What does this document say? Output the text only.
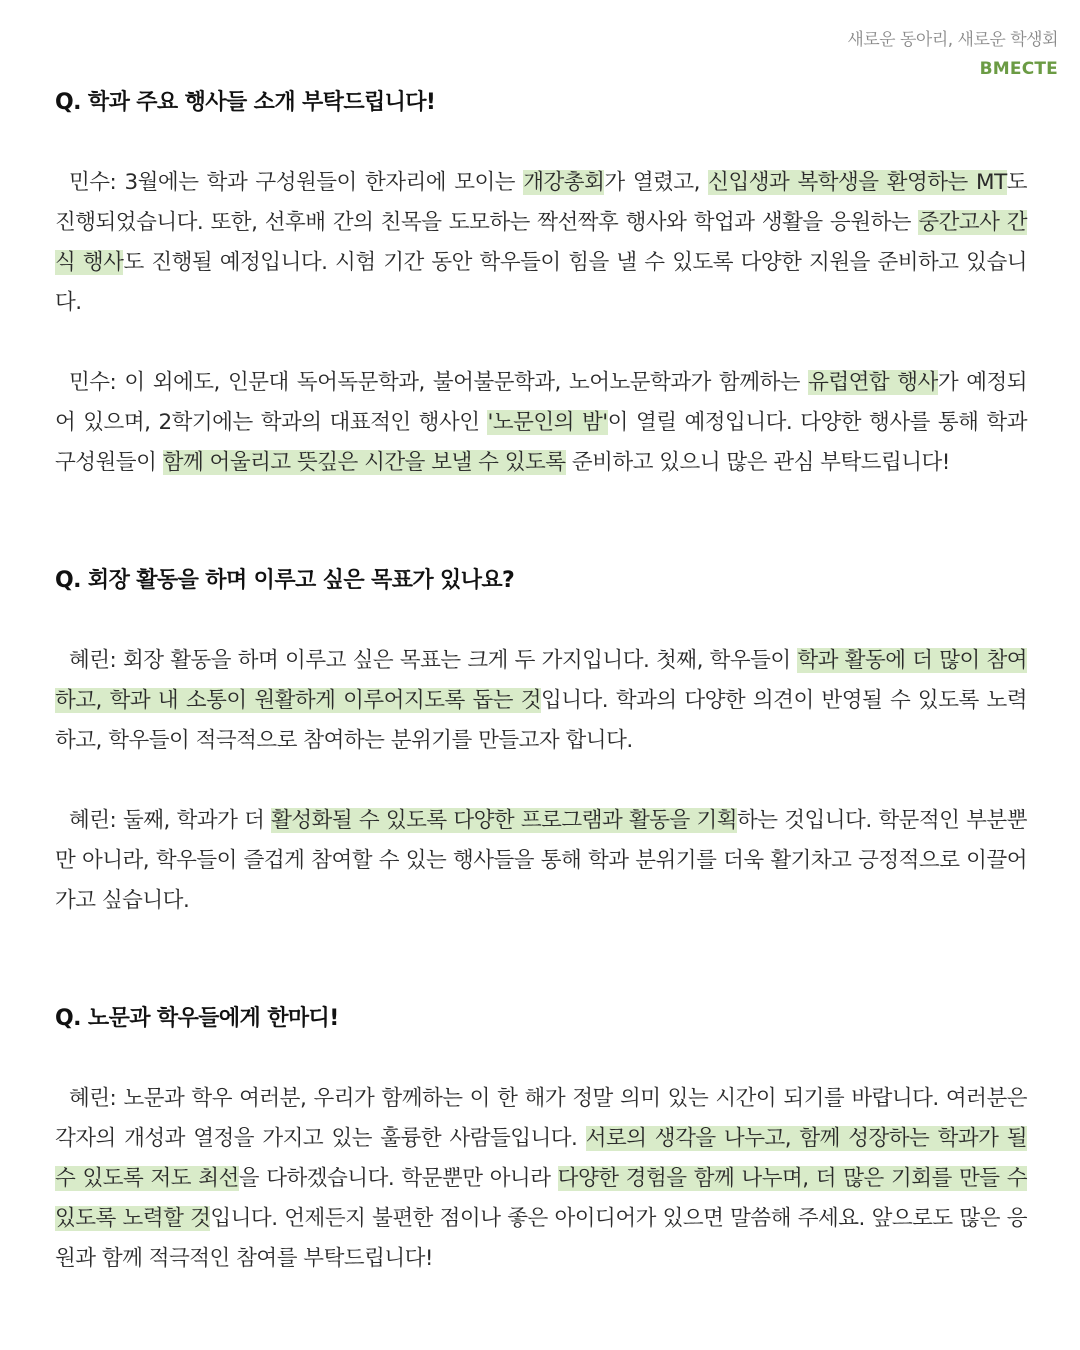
새로운 동아리, 새로운 학생회
BMECTE
Q. 학과 주요 행사들 소개 부탁드립니다!

민수: 3월에는 학과 구성원들이 한자리에 모이는 개강총회가 열렸고, 신입생과 복학생을 환영하는 MT도 진행되었습니다. 또한, 선후배 간의 친목을 도모하는 짝선짝후 행사와 학업과 생활을 응원하는 중간고사 간식 행사도 진행될 예정입니다. 시험 기간 동안 학우들이 힘을 낼 수 있도록 다양한 지원을 준비하고 있습니다.

민수: 이 외에도, 인문대 독어독문학과, 불어불문학과, 노어노문학과가 함께하는 유럽연합 행사가 예정되어 있으며, 2학기에는 학과의 대표적인 행사인 '노문인의 밤'이 열릴 예정입니다. 다양한 행사를 통해 학과 구성원들이 함께 어울리고 뜻깊은 시간을 보낼 수 있도록 준비하고 있으니 많은 관심 부탁드립니다!

Q. 회장 활동을 하며 이루고 싶은 목표가 있나요?

혜린: 회장 활동을 하며 이루고 싶은 목표는 크게 두 가지입니다. 첫째, 학우들이 학과 활동에 더 많이 참여하고, 학과 내 소통이 원활하게 이루어지도록 돕는 것입니다. 학과의 다양한 의견이 반영될 수 있도록 노력하고, 학우들이 적극적으로 참여하는 분위기를 만들고자 합니다.

혜린: 둘째, 학과가 더 활성화될 수 있도록 다양한 프로그램과 활동을 기획하는 것입니다. 학문적인 부분뿐만 아니라, 학우들이 즐겁게 참여할 수 있는 행사들을 통해 학과 분위기를 더욱 활기차고 긍정적으로 이끌어가고 싶습니다.

Q. 노문과 학우들에게 한마디!

혜린: 노문과 학우 여러분, 우리가 함께하는 이 한 해가 정말 의미 있는 시간이 되기를 바랍니다. 여러분은 각자의 개성과 열정을 가지고 있는 훌륭한 사람들입니다. 서로의 생각을 나누고, 함께 성장하는 학과가 될 수 있도록 저도 최선을 다하겠습니다. 학문뿐만 아니라 다양한 경험을 함께 나누며, 더 많은 기회를 만들 수 있도록 노력할 것입니다. 언제든지 불편한 점이나 좋은 아이디어가 있으면 말씀해 주세요. 앞으로도 많은 응원과 함께 적극적인 참여를 부탁드립니다!
